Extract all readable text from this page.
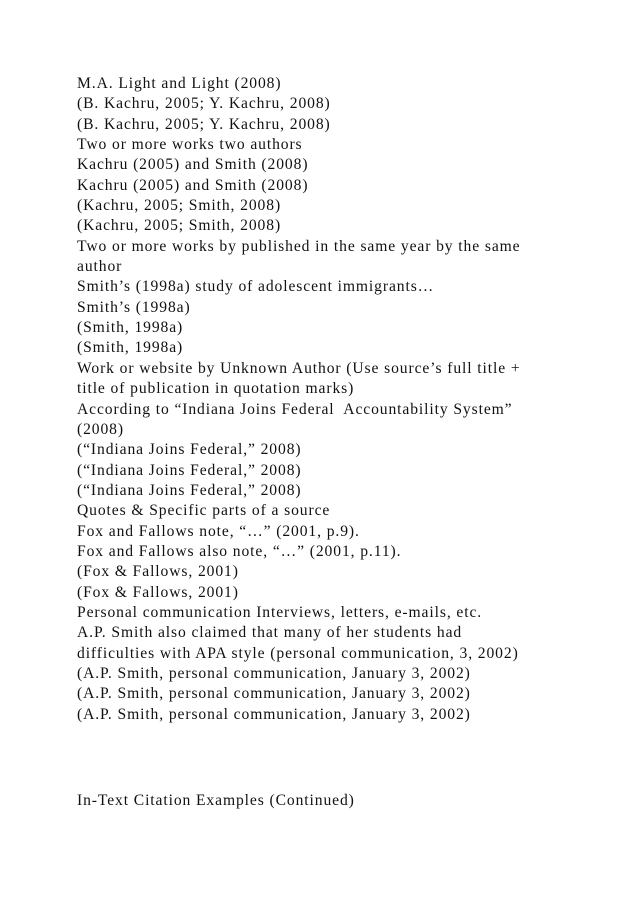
M.A. Light and Light (2008)
(B. Kachru, 2005; Y. Kachru, 2008)
(B. Kachru, 2005; Y. Kachru, 2008)
Two or more works two authors
Kachru (2005) and Smith (2008)
Kachru (2005) and Smith (2008)
(Kachru, 2005; Smith, 2008)
(Kachru, 2005; Smith, 2008)
Two or more works by published in the same year by the same
author
Smith’s (1998a) study of adolescent immigrants…
Smith’s (1998a)
(Smith, 1998a)
(Smith, 1998a)
Work or website by Unknown Author (Use source’s full title +
title of publication in quotation marks)
According to “Indiana Joins Federal  Accountability System”
(2008)
(“Indiana Joins Federal,” 2008)
(“Indiana Joins Federal,” 2008)
(“Indiana Joins Federal,” 2008)
Quotes & Specific parts of a source
Fox and Fallows note, “…” (2001, p.9).
Fox and Fallows also note, “…” (2001, p.11).
(Fox & Fallows, 2001)
(Fox & Fallows, 2001)
Personal communication Interviews, letters, e-mails, etc.
A.P. Smith also claimed that many of her students had
difficulties with APA style (personal communication, 3, 2002)
(A.P. Smith, personal communication, January 3, 2002)
(A.P. Smith, personal communication, January 3, 2002)
(A.P. Smith, personal communication, January 3, 2002)
In-Text Citation Examples (Continued)
